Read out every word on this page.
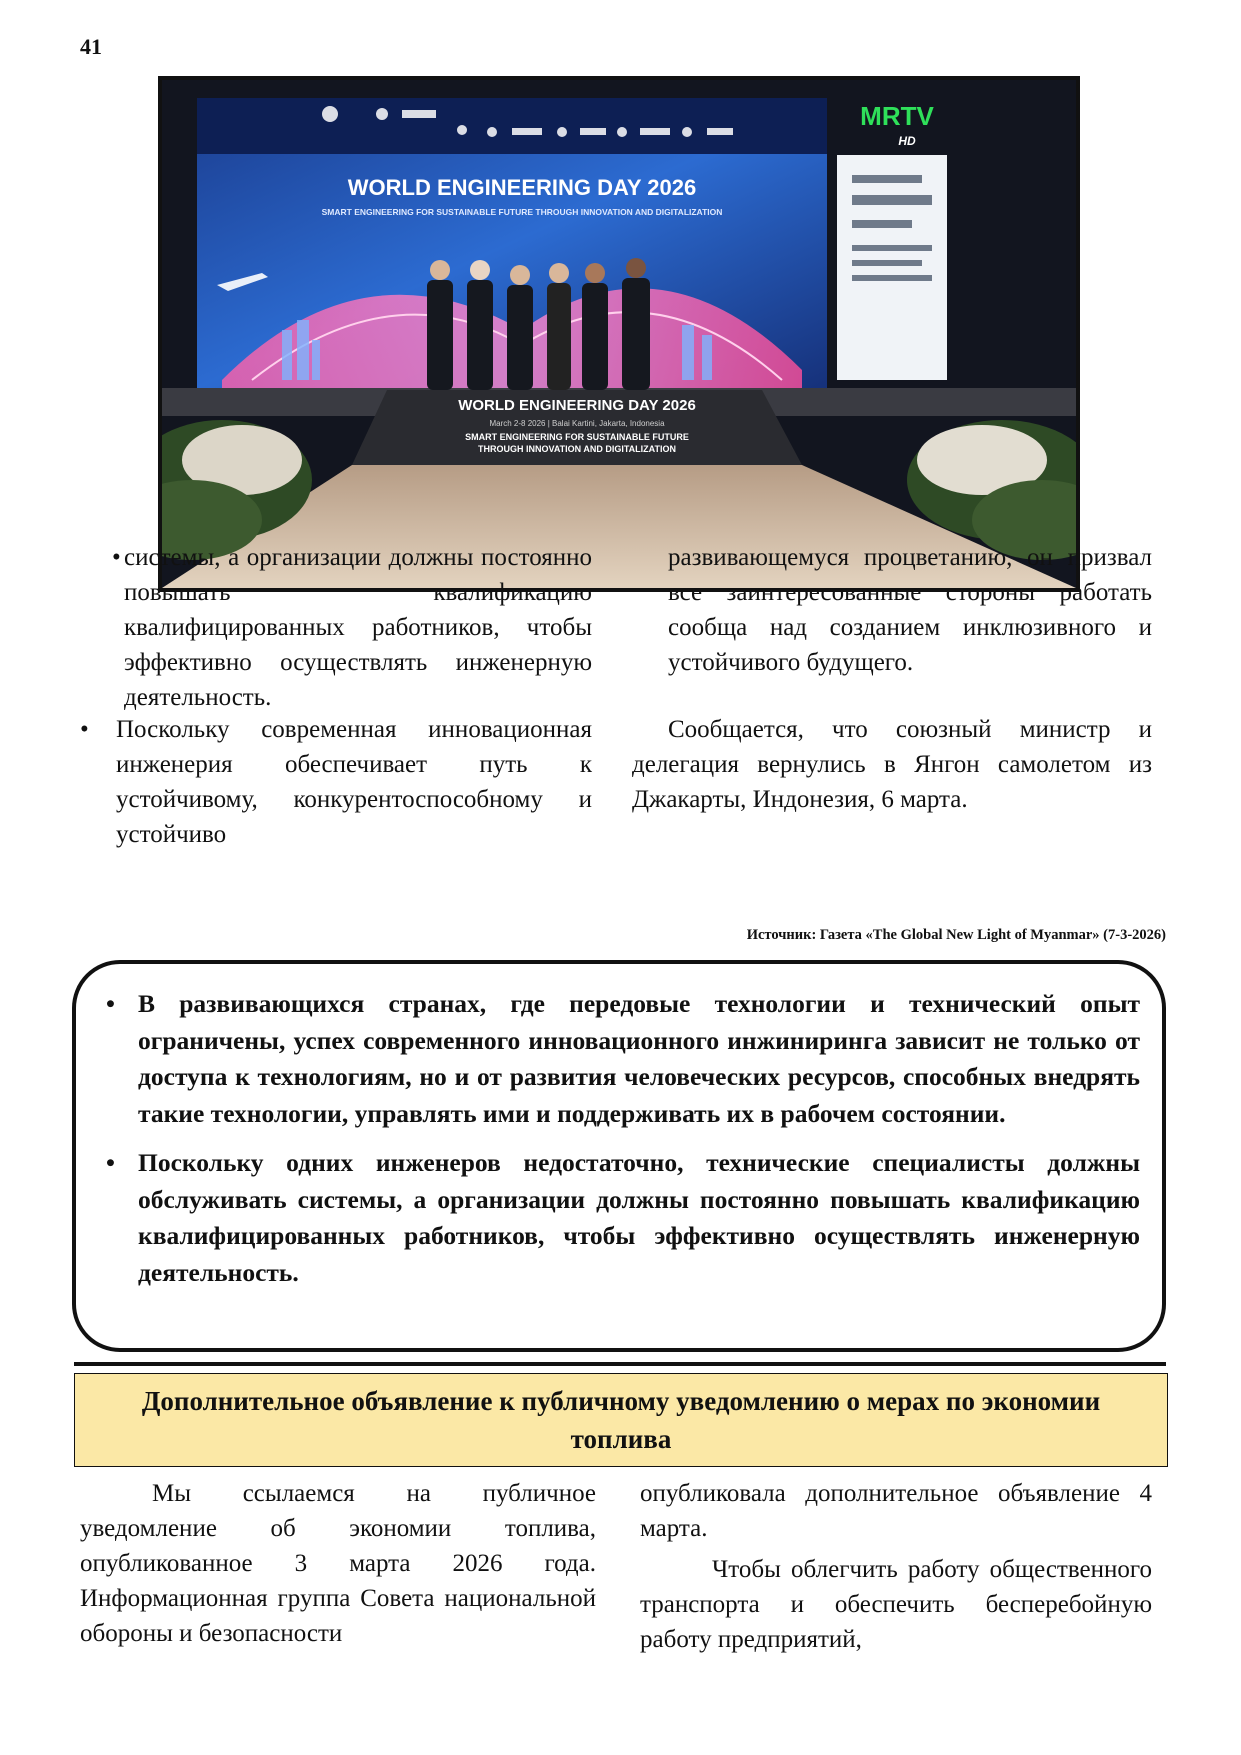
41
WORLD ENGINEERING DAY 2026
SMART ENGINEERING FOR SUSTAINABLE FUTURE THROUGH INNOVATION AND DIGITALIZATION
MRTV
HD
WORLD ENGINEERING DAY 2026
March 2-8 2026 | Balai Kartini, Jakarta, Indonesia
SMART ENGINEERING FOR SUSTAINABLE FUTURE
THROUGH INNOVATION AND DIGITALIZATION

• системы, а организации должны постоянно повышать квалификацию квалифицированных работников, чтобы эффективно осуществлять инженерную деятельность.

• Поскольку современная инновационная инженерия обеспечивает путь к устойчивому, конкурентоспособному и устойчиво

развивающемуся процветанию, он призвал все заинтересованные стороны работать сообща над созданием инклюзивного и устойчивого будущего.

Сообщается, что союзный министр и делегация вернулись в Янгон самолетом из Джакарты, Индонезия, 6 марта.

Источник: Газета «The Global New Light of Myanmar» (7-3-2026)
• В развивающихся странах, где передовые технологии и технический опыт ограничены, успех современного инновационного инжиниринга зависит не только от доступа к технологиям, но и от развития человеческих ресурсов, способных внедрять такие технологии, управлять ими и поддерживать их в рабочем состоянии.
• Поскольку одних инженеров недостаточно, технические специалисты должны обслуживать системы, а организации должны постоянно повышать квалификацию квалифицированных работников, чтобы эффективно осуществлять инженерную деятельность.
Дополнительное объявление к публичному уведомлению о мерах по экономии топлива

Мы ссылаемся на публичное уведомление об экономии топлива, опубликованное 3 марта 2026 года. Информационная группа Совета национальной обороны и безопасности

опубликовала дополнительное объявление 4 марта.

Чтобы облегчить работу общественного транспорта и обеспечить бесперебойную работу предприятий,
